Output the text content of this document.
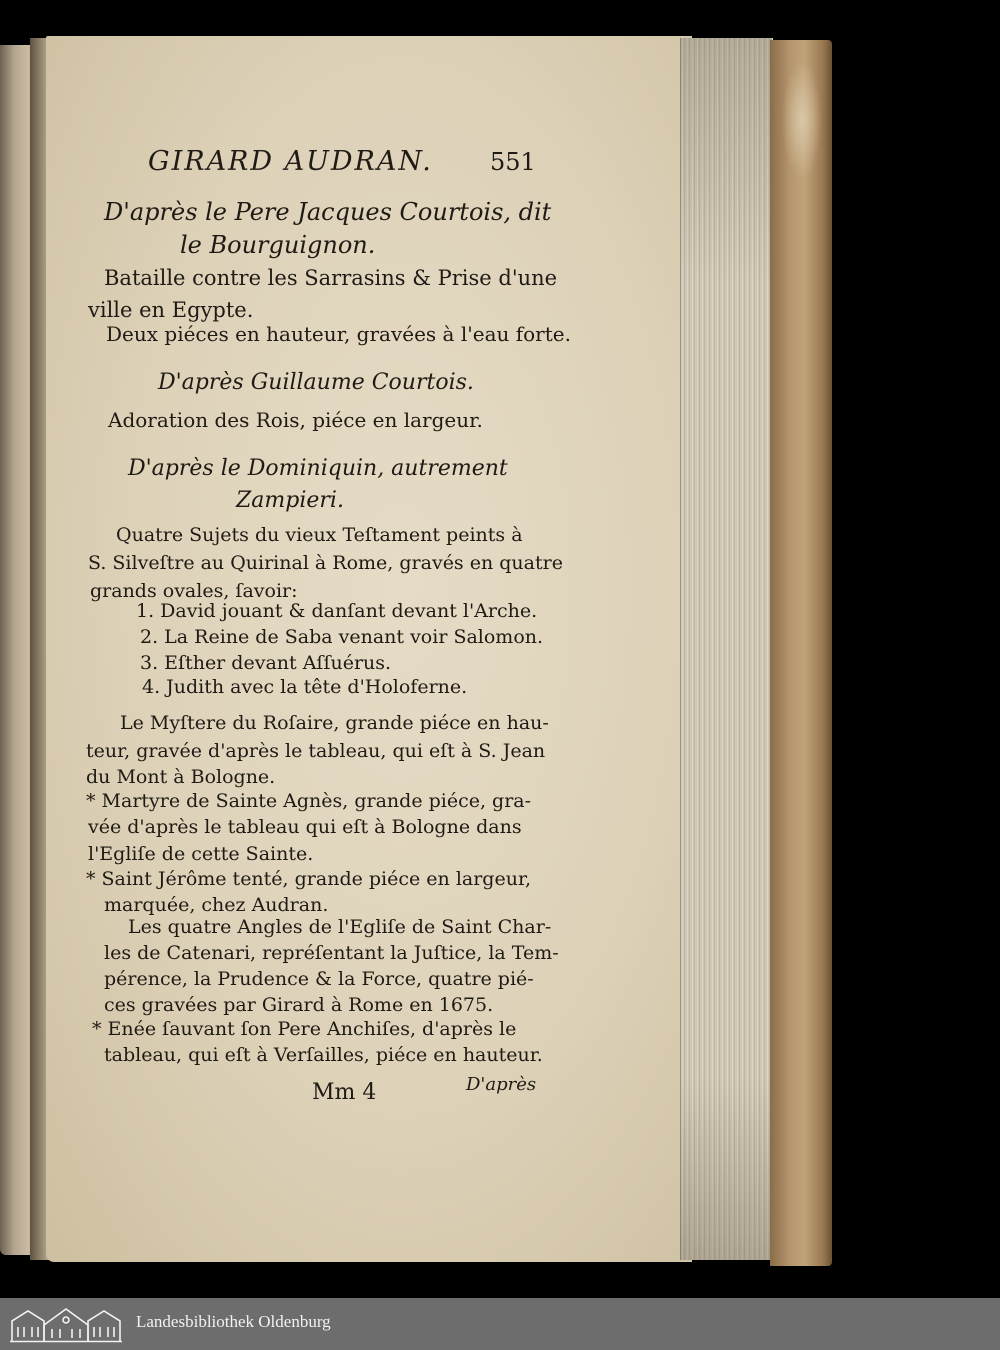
GIRARD AUDRAN. 551
D'après le Pere Jacques Courtois, dit
le Bourguignon.
Bataille contre les Sarrasins & Prise d'une
ville en Egypte.
Deux piéces en hauteur, gravées à l'eau forte.
D'après Guillaume Courtois.
Adoration des Rois, piéce en largeur.
D'après le Dominiquin, autrement
Zampieri.
Quatre Sujets du vieux Teſtament peints à
S. Silveſtre au Quirinal à Rome, gravés en quatre
grands ovales, ſavoir:
1. David jouant & danſant devant l'Arche.
2. La Reine de Saba venant voir Salomon.
3. Eſther devant Aſſuérus.
4. Judith avec la tête d'Holoferne.
Le Myſtere du Roſaire, grande piéce en hau-
teur, gravée d'après le tableau, qui eſt à S. Jean
du Mont à Bologne.
* Martyre de Sainte Agnès, grande piéce, gra-
vée d'après le tableau qui eſt à Bologne dans
l'Egliſe de cette Sainte.
* Saint Jérôme tenté, grande piéce en largeur,
marquée, chez Audran.
Les quatre Angles de l'Egliſe de Saint Char-
les de Catenari, repréſentant la Juſtice, la Tem-
pérence, la Prudence & la Force, quatre pié-
ces gravées par Girard à Rome en 1675.
* Enée ſauvant ſon Pere Anchiſes, d'après le
tableau, qui eſt à Verſailles, piéce en hauteur.
Mm 4	D'après
Landesbibliothek Oldenburg
